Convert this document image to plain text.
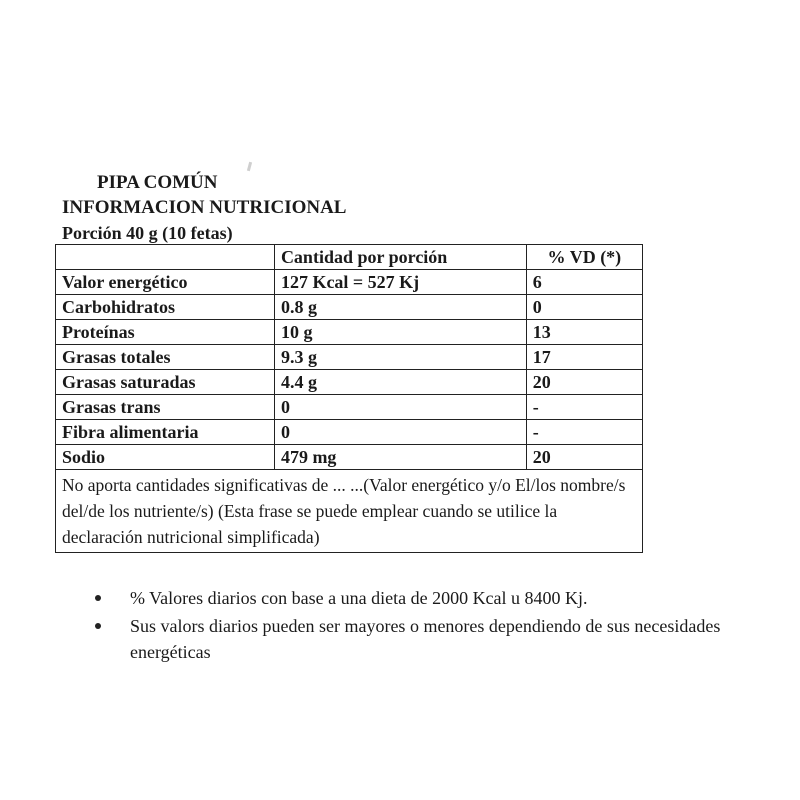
PIPA COMÚN
INFORMACION NUTRICIONAL
Porción 40 g (10 fetas)
	Cantidad por porción	% VD (*)
Valor energético	127 Kcal = 527 Kj	6
Carbohidratos	0.8 g	0
Proteínas	10 g	13
Grasas totales	9.3 g	17
Grasas saturadas	4.4 g	20
Grasas trans	0	-
Fibra alimentaria	0	-
Sodio	479 mg	20
No aporta cantidades significativas de ... ...(Valor energético y/o El/los nombre/s del/de los nutriente/s) (Esta frase se puede emplear cuando se utilice la declaración nutricional simplificada)		
% Valores diarios con base a una dieta de 2000 Kcal u 8400 Kj.
Sus valors diarios pueden ser mayores o menores dependiendo de sus necesidades energéticas
